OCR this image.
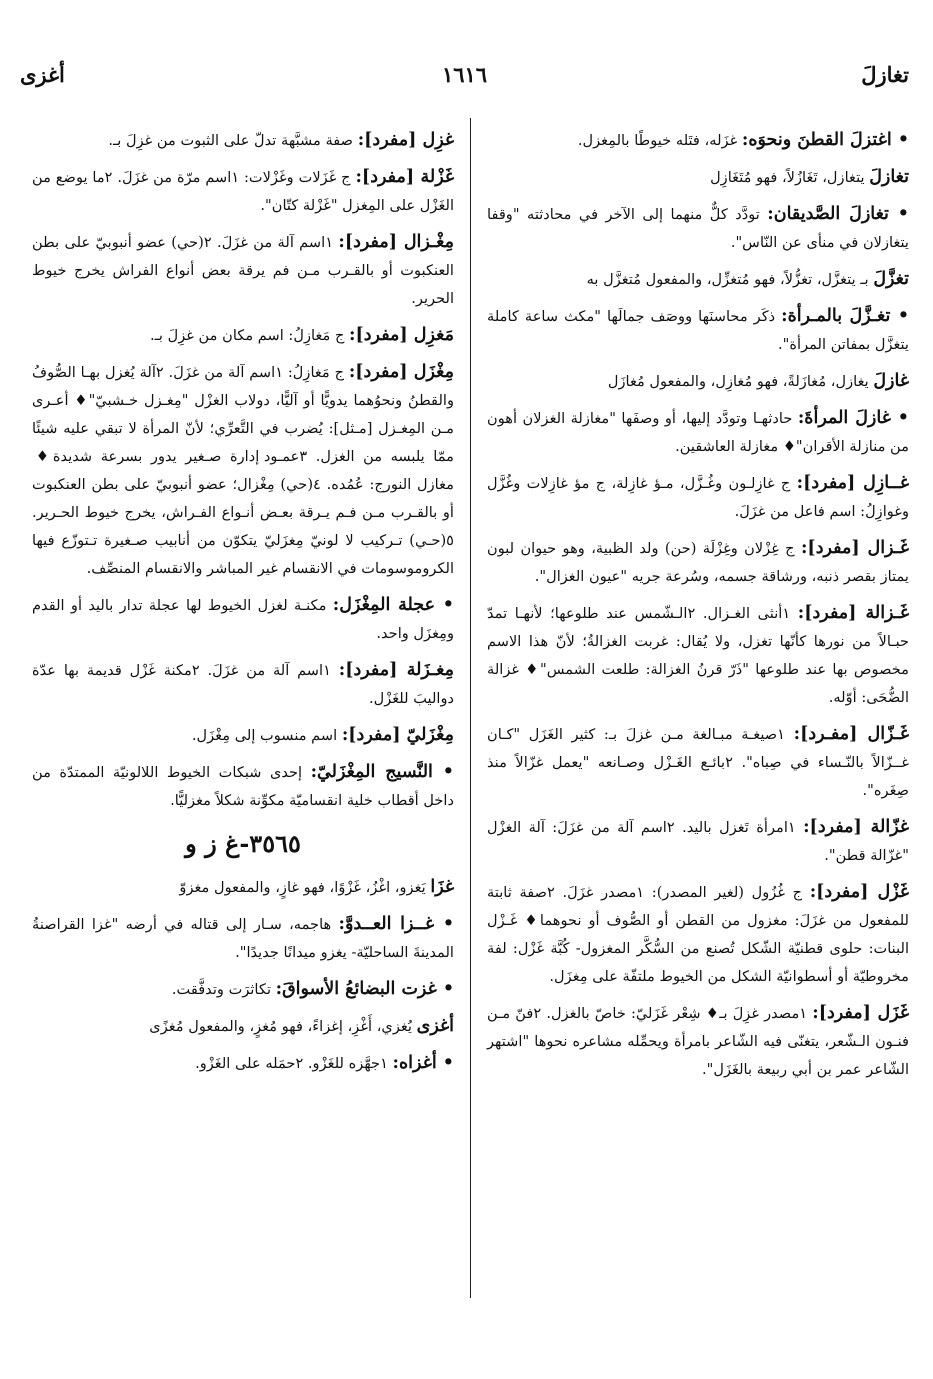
تغازلَ
١٦١٦
أغزى

• اغتزلَ القطنَ ونحوَه: غزَله، فتَله خيوطًا بالمِغزل.

تغازلَ يتغازل، تَغَازُلاً، فهو مُتَغَازِل

• تغازلَ الصَّديقان: تودَّد كلٌّ منهما إلى الآخر في محادثته "وقفا يتغازلان في منأى عن النّاس".

تغزَّلَ بـ يتغزَّل، تغزُّلاً، فهو مُتغزِّل، والمفعول مُتغزَّل به

• تغـزَّلَ بالمـرأة: ذكَر محاسنَها ووصَف جمالَها "مكث ساعة كاملة يتغزَّل بمفاتن المرأة".

غازلَ يغازل، مُغازَلةً، فهو مُغازِل، والمفعول مُغازَل

• غازلَ المرأةَ: حادثهـا وتودَّد إليها، أو وصفَها "مغازلة الغزلان أهون من منازلة الأقران"♦ مغازلة العاشقين.

غــازِل [مفرد]: ج غازِلـون وغُـزَّل، مـؤ غازِلة، ج مؤ غازِلات وغُزَّل وغوازِلُ: اسم فاعل من غزَلَ.

غَـزال [مفرد]: ج غِزْلان وغِزْلَة (حن) ولد الظبية، وهو حيوان لبون يمتاز بقصر ذنبه، ورشاقة جسمه، وسُرعة جريه "عيون الغزال".

غَـزالة [مفرد]: ١أنثى الغـزال. ٢الـشّمس عند طلوعها؛ لأنهـا تمدّ حبـالاً من نورها كأنّها تغزل، ولا يُقال: غربت الغزالةُ؛ لأنّ هذا الاسم مخصوص بها عند طلوعها "ذَرّ قرنُ الغزالة: طلعت الشمس"♦ غزالة الضُّحَى: أوّله.

غَـزّال [مفـرد]: ١صيغـة مبـالغة مـن غزلَ بـ: كثير الغَزَل "كـان غــزّالاً بالنّـساء في صِباه". ٢بائـع الغَـزْل وصـانعه "يعمل غزّالاً منذ صِغَره".

غزّالة [مفرد]: ١امرأة تَغزل باليد. ٢اسم آلة من غزَلَ: آلة الغزْل "غزّالة قطن".

غَزْل [مفرد]: ج غُزُول (لغير المصدر): ١مصدر غزَلَ. ٢صفة ثابتة للمفعول من غزَلَ: مغزول من القطن أو الصُّوف أو نحوهما♦ غَـزْل البنات: حلوى قطنيّة الشّكل تُصنع من السُّكَّر المغزول- كُبَّة غَزْل: لفة مخروطيّة أو أسطوانيّة الشكل من الخيوط ملتفّة على مِغزَل.

غَزَل [مفرد]: ١مصدر غزِلَ بـ♦ شِعْر غَزَليّ: خاصّ بالغزل. ٢فنّ مـن فنـون الـشّعر، يتغنّى فيه الشّاعر بامرأة ويحمِّله مشاعره نحوها "اشتهر الشّاعر عمر بن أبي ربيعة بالغَزَل".

غزِل [مفرد]: صفة مشبَّهة تدلّ على الثبوت من غزِلَ بـ.

غَزْلة [مفرد]: ج غَزَلات وغَزْلات: ١اسم مرّة من غزَلَ. ٢ما يوضع من الغَزْل على المِغزل "غَزْلة كتّان".

مِغْـزال [مفرد]: ١اسم آلة من غزَلَ. ٢(حي) عضو أنبوبيّ على بطن العنكبوت أو بالقـرب مـن فم يرقة بعض أنواع الفراش يخرج خيوط الحرير.

مَغزِل [مفرد]: ج مَغازِلُ: اسم مكان من غزِلَ بـ.

مِغْزَل [مفرد]: ج مَغازِلُ: ١اسم آلة من غزَلَ. ٢آلة يُغزل بهـا الصُّوفُ والقطنُ ونحوُهما يدويًّا أو آليًّا، دولاب الغزْل "مِغـزل خـشبيّ"♦ أعـرى مـن المِغـزل [مـثل]: يُضرب في التَّعرِّي؛ لأنّ المرأة لا تبقي عليه شيئًا ممّا يلبسه من الغزل. ٣عمـود إدارة صـغير يدور بسرعة شديدة♦ مغازل النورج: عُمُده. ٤(حي) مِغْزال؛ عضو أنبوبيّ على بطن العنكبوت أو بالقـرب مـن فـم يـرقة بعـض أنـواع الفـراش، يخرج خيوط الحـرير. ٥(حـي) تـركيب لا لونيّ مِغزَليّ يتكوّن من أنابيب صـغيرة تـتوزّع فيها الكروموسومات في الانقسام غير المباشر والانقسام المنصِّف.

• عجلة المِغْزَل: مكنـة لغزل الخيوط لها عجلة تدار باليد أو القدم ومِغزَل واحد.

مِغـزَلة [مفرد]: ١اسم آلة من غزَلَ. ٢مكنة غَزْل قديمة بها عدّة دواليبَ للغَزْل.

مِغْزَليّ [مفرد]: اسم منسوب إلى مِغْزَل.

• النَّسيج المِغْزَليّ: إحدى شبكات الخيوط اللالونيّة الممتدّة من داخل أقطاب خلية انقساميّة مكوِّنة شكلاً مغزليًّا.

٣٥٦٥-غ ز و

غزَا يَغزو، اغْزُ، غَزْوًا، فهو غازٍ، والمفعول مغزوّ

• غــزا العــدوَّ: هاجمه، سـار إلى قتاله في أرضه "غزا القراصنةُ المدينةَ الساحليّة- يغزو ميدانًا جديدًا".

• غزت البضائعُ الأسواقَ: تكاثرَت وتدفَّقت.

أغزى يُغزي، أَغْزِ، إغزاءً، فهو مُغزٍ، والمفعول مُغزًى

• أغزاه: ١جهَّزه للغَزْو. ٢حمَله على الغَزْو.
